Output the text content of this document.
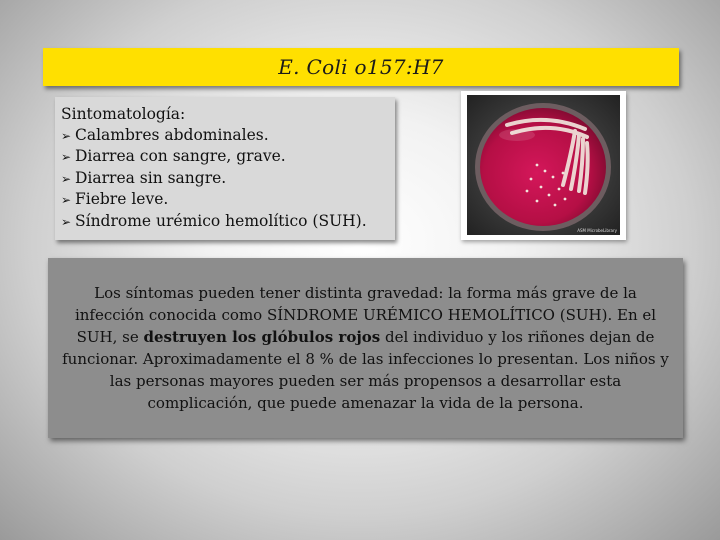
E. Coli o157:H7
Sintomatología:
➢ Calambres abdominales.
➢ Diarrea con sangre, grave.
➢ Diarrea sin sangre.
➢ Fiebre leve.
➢ Síndrome urémico hemolítico (SUH).
ASM MicrobeLibrary

Los síntomas pueden tener distinta gravedad: la forma más grave de la infección conocida como SÍNDROME URÉMICO HEMOLÍTICO (SUH). En el SUH, se destruyen los glóbulos rojos del individuo y los riñones dejan de funcionar. Aproximadamente el 8 % de las infecciones lo presentan. Los niños y las personas mayores pueden ser más propensos a desarrollar esta complicación, que puede amenazar la vida de la persona.
